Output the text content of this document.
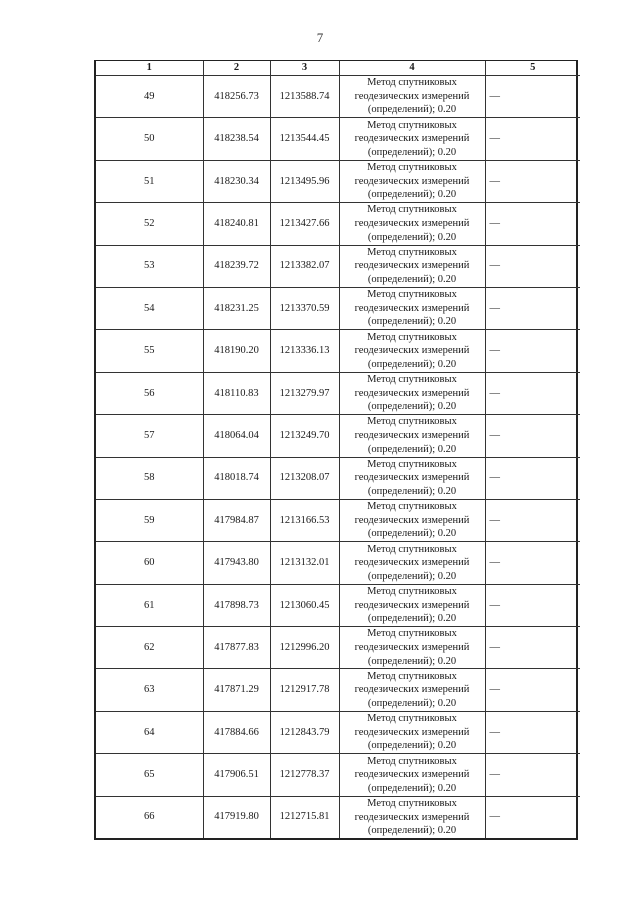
7
1	2	3	4	5
49	418256.73	1213588.74	Метод спутниковых
геодезических измерений
(определений); 0.20	—
50	418238.54	1213544.45	Метод спутниковых
геодезических измерений
(определений); 0.20	—
51	418230.34	1213495.96	Метод спутниковых
геодезических измерений
(определений); 0.20	—
52	418240.81	1213427.66	Метод спутниковых
геодезических измерений
(определений); 0.20	—
53	418239.72	1213382.07	Метод спутниковых
геодезических измерений
(определений); 0.20	—
54	418231.25	1213370.59	Метод спутниковых
геодезических измерений
(определений); 0.20	—
55	418190.20	1213336.13	Метод спутниковых
геодезических измерений
(определений); 0.20	—
56	418110.83	1213279.97	Метод спутниковых
геодезических измерений
(определений); 0.20	—
57	418064.04	1213249.70	Метод спутниковых
геодезических измерений
(определений); 0.20	—
58	418018.74	1213208.07	Метод спутниковых
геодезических измерений
(определений); 0.20	—
59	417984.87	1213166.53	Метод спутниковых
геодезических измерений
(определений); 0.20	—
60	417943.80	1213132.01	Метод спутниковых
геодезических измерений
(определений); 0.20	—
61	417898.73	1213060.45	Метод спутниковых
геодезических измерений
(определений); 0.20	—
62	417877.83	1212996.20	Метод спутниковых
геодезических измерений
(определений); 0.20	—
63	417871.29	1212917.78	Метод спутниковых
геодезических измерений
(определений); 0.20	—
64	417884.66	1212843.79	Метод спутниковых
геодезических измерений
(определений); 0.20	—
65	417906.51	1212778.37	Метод спутниковых
геодезических измерений
(определений); 0.20	—
66	417919.80	1212715.81	Метод спутниковых
геодезических измерений
(определений); 0.20	—
